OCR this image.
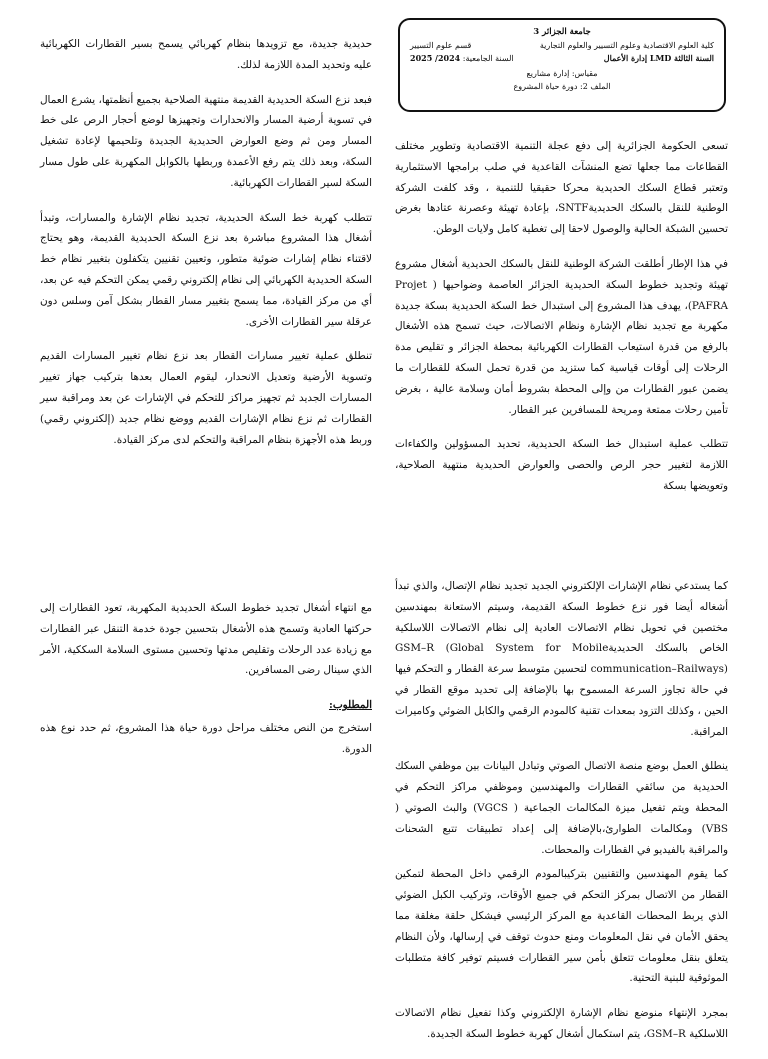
جامعة الجزائر 3
كلية العلوم الاقتصادية وعلوم التسيير والعلوم التجارية
قسم علوم التسيير
السنة الثالثة LMD إدارة الأعمال
السنة الجامعية: 2024/ 2025
مقياس: إدارة مشاريع
الملف 2: دورة حياة المشروع

تسعى الحكومة الجزائرية إلى دفع عجلة التنمية الاقتصادية وتطوير مختلف القطاعات مما جعلها تضع المنشآت القاعدية في صلب برامجها الاستثمارية وتعتبر قطاع السكك الحديدية محركا حقيقيا للتنمية ، وقد كلفت الشركة الوطنية للنقل بالسكك الحديديةSNTF، بإعادة تهيئة وعصرنة عتادها بغرض تحسين الشبكة الحالية والوصول لاحقا إلى تغطية كامل ولايات الوطن.

في هذا الإطار أطلقت الشركة الوطنية للنقل بالسكك الحديدية أشغال مشروع تهيئة وتجديد خطوط السكة الحديدية الجزائر العاصمة وضواحيها ( Projet PAFRA)، يهدف هذا المشروع إلى استبدال خط السكة الحديدية بسكة جديدة مكهربة مع تجديد نظام الإشارة ونظام الاتصالات، حيث تسمح هذه الأشغال بالرفع من قدرة استيعاب القطارات الكهربائية بمحطة الجزائر و تقليص مدة الرحلات إلى أوقات قياسية كما ستزيد من قدرة تحمل السكة للقطارات ما يضمن عبور القطارات من وإلى المحطة بشروط أمان وسلامة عالية ، بغرض تأمين رحلات ممتعة ومريحة للمسافرين عبر القطار.

تتطلب عملية استبدال خط السكة الحديدية، تحديد المسؤولين والكفاءات اللازمة لتغيير حجر الرص والحصى والعوارض الحديدية منتهية الصلاحية، وتعويضها بسكة

حديدية جديدة، مع تزويدها بنظام كهربائي يسمح بسير القطارات الكهربائية عليه وتحديد المدة اللازمة لذلك.

فبعد نزع السكة الحديدية القديمة منتهية الصلاحية بجميع أنظمتها، يشرع العمال في تسوية أرضية المسار والانحدارات وتجهيزها لوضع أحجار الرص على خط المسار ومن ثم وضع العوارض الحديدية الجديدة وتلحيمها لإعادة تشغيل السكة، وبعد ذلك يتم رفع الأعمدة وربطها بالكوابل المكهربة على طول مسار السكة لسير القطارات الكهربائية.

تتطلب كهربة خط السكة الحديدية، تجديد نظام الإشارة والمسارات، وتبدأ أشغال هذا المشروع مباشرة بعد نزع السكة الحديدية القديمة، وهو يحتاج لاقتناء نظام إشارات ضوئية متطور، وتعيين تقنيين يتكفلون بتغيير نظام خط السكة الحديدية الكهربائي إلى نظام إلكتروني رقمي يمكن التحكم فيه عن بعد، أي من مركز القيادة، مما يسمح بتغيير مسار القطار بشكل آمن وسلس دون عرقلة سير القطارات الأخرى.

تنطلق عملية تغيير مسارات القطار بعد نزع نظام تغيير المسارات القديم وتسوية الأرضية وتعديل الانحدار، ليقوم العمال بعدها بتركيب جهاز تغيير المسارات الجديد ثم تجهيز مراكز للتحكم في الإشارات عن بعد ومراقبة سير القطارات ثم نزع نظام الإشارات القديم ووضع نظام جديد (إلكتروني رقمي) وربط هذه الأجهزة بنظام المراقبة والتحكم لدى مركز القيادة.

كما يستدعي نظام الإشارات الإلكتروني الجديد تجديد نظام الإتصال، والذي تبدأ أشغاله أيضا فور نزع خطوط السكة القديمة، وسيتم الاستعانة بمهندسين مختصين في تحويل نظام الاتصالات العادية إلى نظام الاتصالات اللاسلكية الخاص بالسكك الحديديةGSM–R (Global System for Mobile communication–Railways) لتحسين متوسط سرعة القطار و التحكم فيها في حالة تجاوز السرعة المسموح بها بالإضافة إلى تحديد موقع القطار في الحين ، وكذلك التزود بمعدات تقنية كالمودم الرقمي والكابل الضوئي وكاميرات المراقبة.

ينطلق العمل بوضع منصة الاتصال الصوتي وتبادل البيانات بين موظفي السكك الحديدية من سائقي القطارات والمهندسين وموظفي مراكز التحكم في المحطة ويتم تفعيل ميزة المكالمات الجماعية ( VGCS) والبث الصوتي ( VBS) ومكالمات الطوارئ،بالإضافة إلى إعداد تطبيقات تتبع الشحنات والمراقبة بالفيديو في القطارات والمحطات.

كما يقوم المهندسين والتقنيين بتركيبالمودم الرقمي داخل المحطة لتمكين القطار من الاتصال بمركز التحكم في جميع الأوقات، وتركيب الكبل الضوئي الذي يربط المحطات القاعدية مع المركز الرئيسي فيشكل حلقة مغلقة مما يحقق الأمان في نقل المعلومات ومنع حدوث توقف في إرسالها، ولأن النظام يتعلق بنقل معلومات تتعلق بأمن سير القطارات فسيتم توفير كافة متطلبات الموثوقية للبنية التحتية.

بمجرد الإنتهاء منوضع نظام الإشارة الإلكتروني وكذا تفعيل نظام الاتصالات اللاسلكية GSM–R، يتم استكمال أشغال كهربة خطوط السكة الجديدة.

مع انتهاء أشغال تجديد خطوط السكة الحديدية المكهربة، تعود القطارات إلى حركتها العادية وتسمح هذه الأشغال بتحسين جودة خدمة التنقل عبر القطارات مع زيادة عدد الرحلات وتقليص مدتها وتحسين مستوى السلامة السككية، الأمر الذي سينال رضى المسافرين.

المطلوب:

استخرج من النص مختلف مراحل دورة حياة هذا المشروع، ثم حدد نوع هذه الدورة.
